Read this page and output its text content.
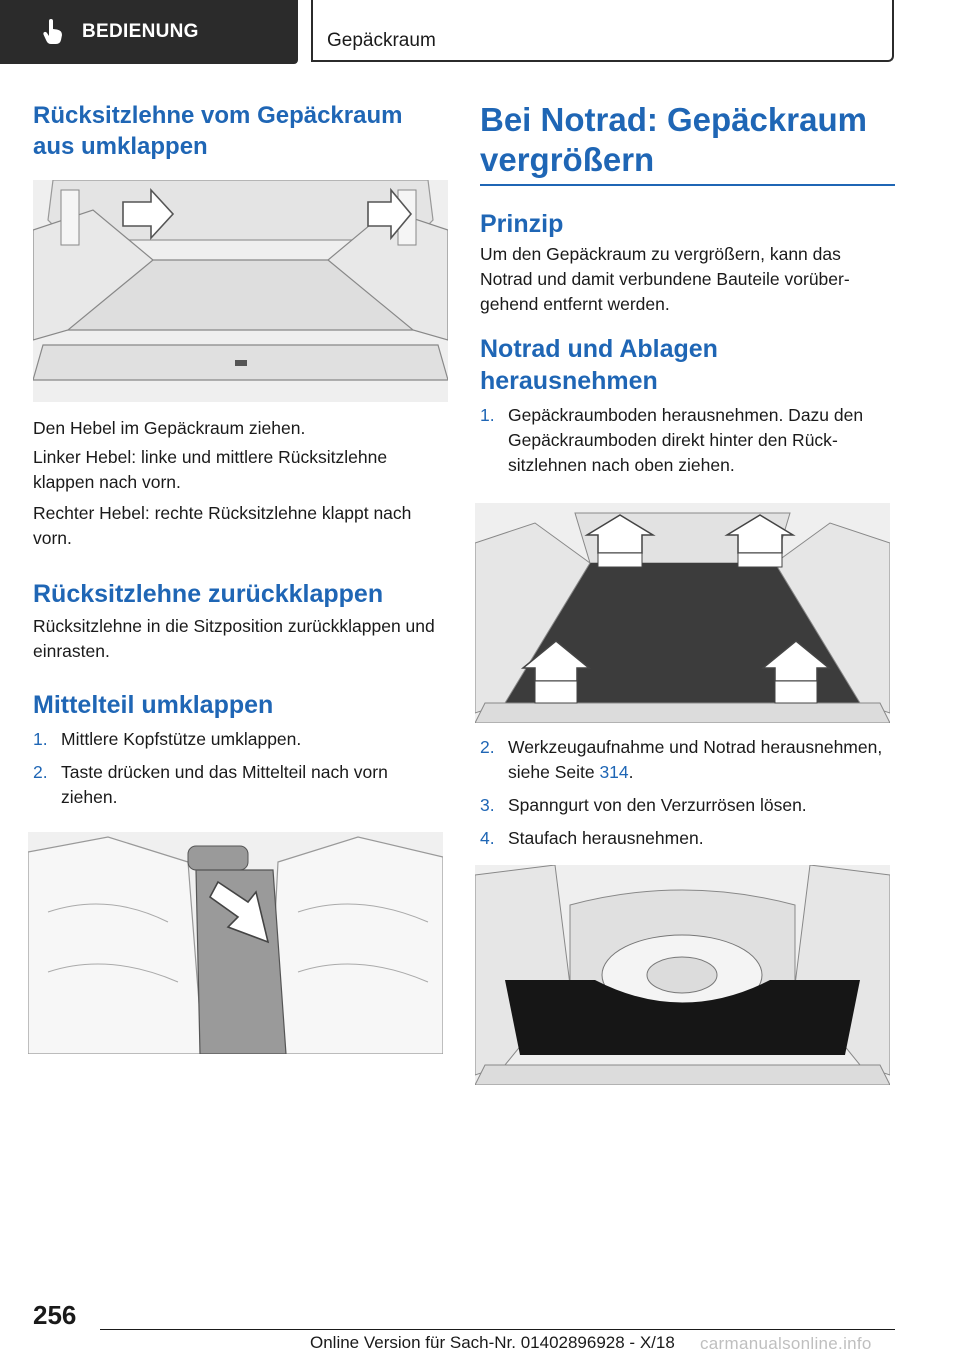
BEDIENUNG	Gepäckraum
Rücksitzlehne vom Gepäckraum aus umklappen

Den Hebel im Gepäckraum ziehen.

Linker Hebel: linke und mittlere Rücksitzlehne klappen nach vorn.

Rechter Hebel: rechte Rücksitzlehne klappt nach vorn.

Rücksitzlehne zurückklappen

Rücksitzlehne in die Sitzposition zurückklappen und einrasten.

Mittelteil umklappen
1. Mittlere Kopfstütze umklappen.
2. Taste drücken und das Mittelteil nach vorn ziehen.
Bei Notrad: Gepäckraum vergrößern
Prinzip

Um den Gepäckraum zu vergrößern, kann das Notrad und damit verbundene Bauteile vorübergehend entfernt werden.

Notrad und Ablagen herausnehmen
1. Gepäckraumboden herausnehmen. Dazu den Gepäckraumboden direkt hinter den Rücksitzlehnen nach oben ziehen.
2. Werkzeugaufnahme und Notrad herausnehmen, siehe Seite 314.
3. Spanngurt von den Verzurrösen lösen.
4. Staufach herausnehmen.
256
Online Version für Sach-Nr. 01402896928 - X/18 carmanualsonline.info
